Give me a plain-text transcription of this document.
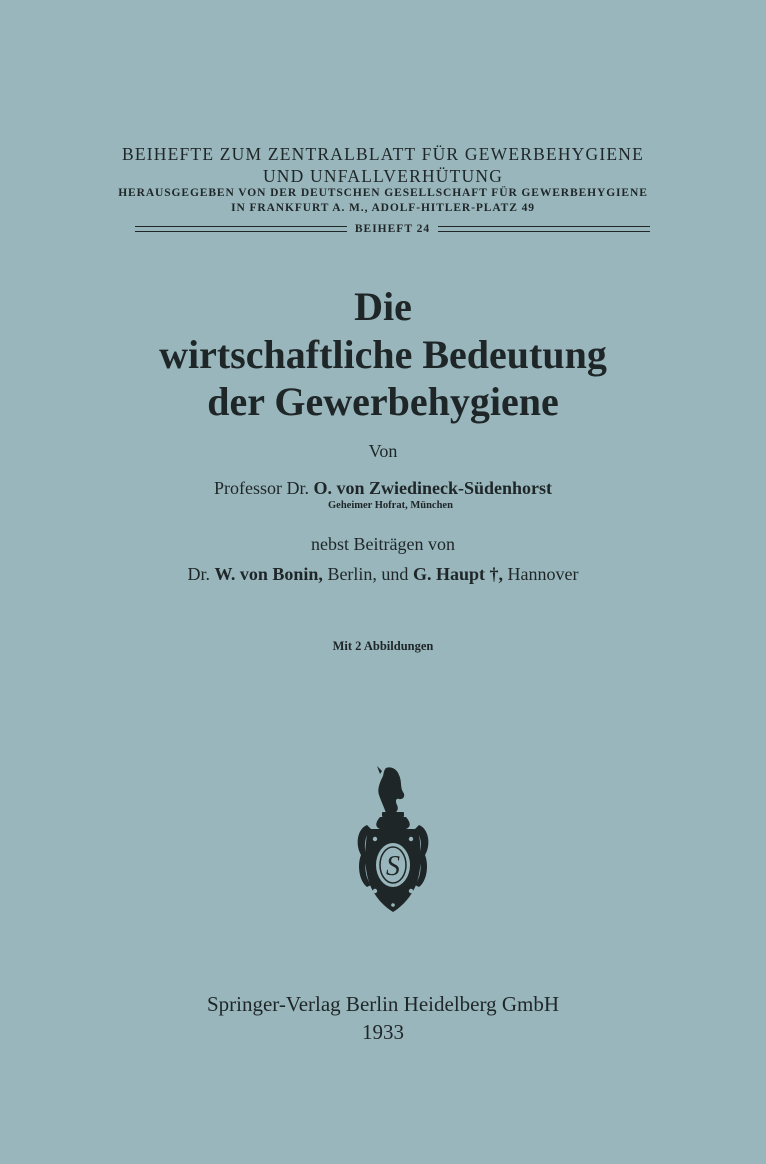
BEIHEFTE ZUM ZENTRALBLATT FÜR GEWERBEHYGIENE
UND UNFALLVERHÜTUNG
HERAUSGEGEBEN VON DER DEUTSCHEN GESELLSCHAFT FÜR GEWERBEHYGIENE
IN FRANKFURT A. M., ADOLF-HITLER-PLATZ 49
BEIHEFT 24
Die
wirtschaftliche Bedeutung
der Gewerbehygiene
Von
Professor Dr. O. von Zwiedineck-Südenhorst
Geheimer Hofrat, München
nebst Beiträgen von
Dr. W. von Bonin, Berlin, und G. Haupt †, Hannover
Mit 2 Abbildungen
S
Springer-Verlag Berlin Heidelberg GmbH
1933
